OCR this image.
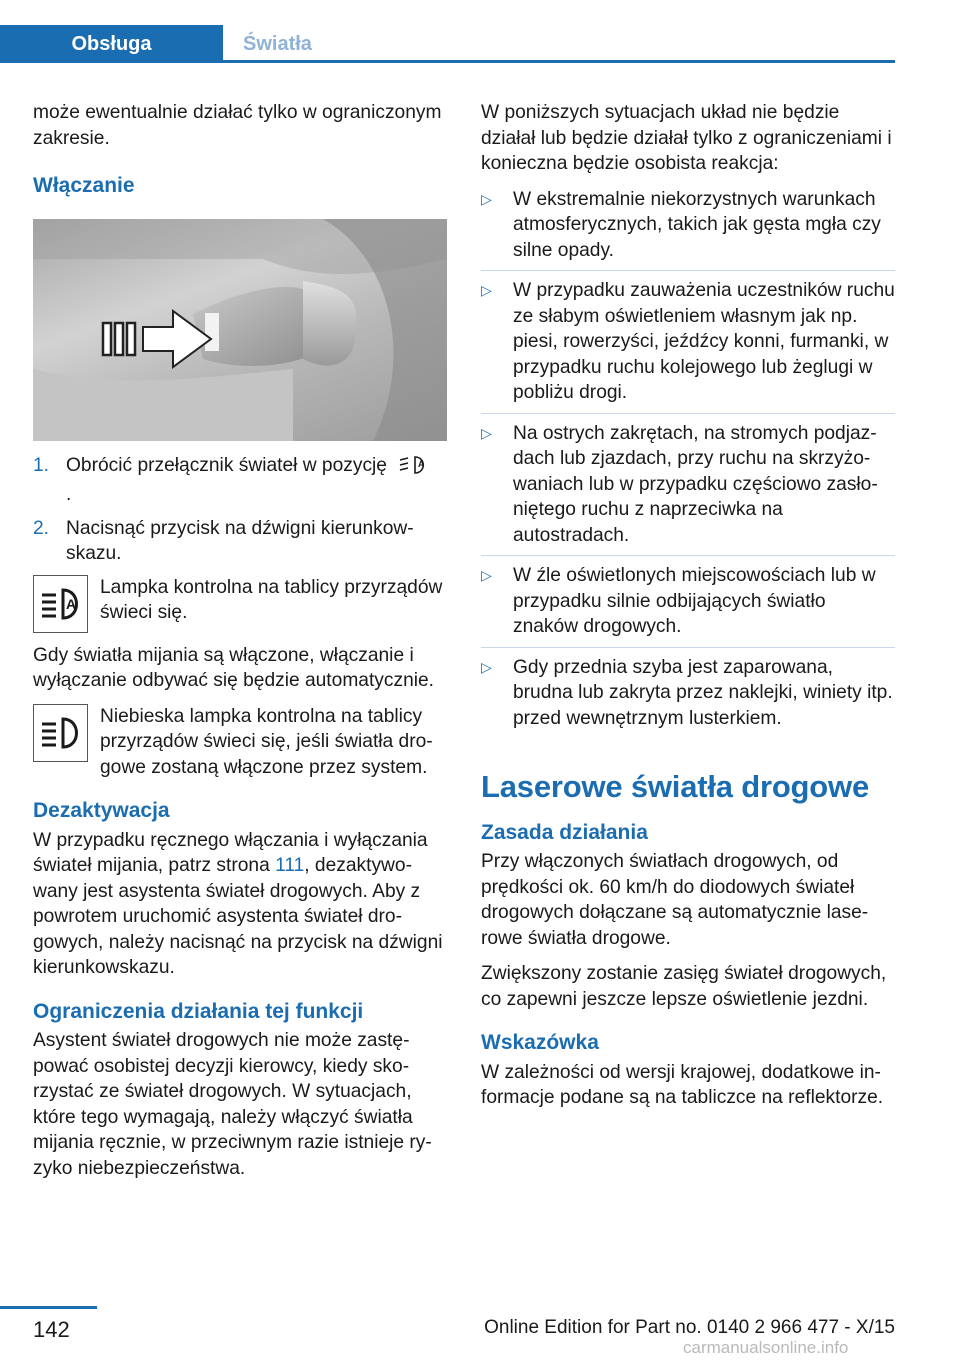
Obsługa	Światła

może ewentualnie działać tylko w ograniczonym zakresie.

Włączanie
1. Obrócić przełącznik świateł w pozycję	A
.
2. Nacisnąć przycisk na dźwigni kierunkowskazu.
A
Lampka kontrolna na tablicy przyrządów świeci się.

Gdy światła mijania są włączone, włączanie i wyłączanie odbywać się będzie automatycznie.

Niebieska lampka kontrolna na tablicy przyrządów świeci się, jeśli światła drogowe zostaną włączone przez system.
Dezaktywacja

W przypadku ręcznego włączania i wyłączania świateł mijania, patrz strona 111, dezaktywowany jest asystenta świateł drogowych. Aby z powrotem uruchomić asystenta świateł drogowych, należy nacisnąć na przycisk na dźwigni kierunkowskazu.

Ograniczenia działania tej funkcji

Asystent świateł drogowych nie może zastępować osobistej decyzji kierowcy, kiedy skorzystać ze świateł drogowych. W sytuacjach, które tego wymagają, należy włączyć światła mijania ręcznie, w przeciwnym razie istnieje ryzyko niebezpieczeństwa.

W poniższych sytuacjach układ nie będzie działał lub będzie działał tylko z ograniczeniami i konieczna będzie osobista reakcja:

▷ W ekstremalnie niekorzystnych warunkach atmosferycznych, takich jak gęsta mgła czy silne opady.
▷ W przypadku zauważenia uczestników ruchu ze słabym oświetleniem własnym jak np. piesi, rowerzyści, jeźdźcy konni, furmanki, w przypadku ruchu kolejowego lub żeglugi w pobliżu drogi.
▷ Na ostrych zakrętach, na stromych podjazdach lub zjazdach, przy ruchu na skrzyżowaniach lub w przypadku częściowo zasłoniętego ruchu z naprzeciwka na autostradach.
▷ W źle oświetlonych miejscowościach lub w przypadku silnie odbijających światło znaków drogowych.
▷ Gdy przednia szyba jest zaparowana, brudna lub zakryta przez naklejki, winiety itp. przed wewnętrznym lusterkiem.
Laserowe światła drogowe
Zasada działania

Przy włączonych światłach drogowych, od prędkości ok. 60 km/h do diodowych świateł drogowych dołączane są automatycznie laserowe światła drogowe.

Zwiększony zostanie zasięg świateł drogowych, co zapewni jeszcze lepsze oświetlenie jezdni.

Wskazówka

W zależności od wersji krajowej, dodatkowe informacje podane są na tabliczce na reflektorze.

142	Online Edition for Part no. 0140 2 966 477 - X/15
carmanualsonline.info
